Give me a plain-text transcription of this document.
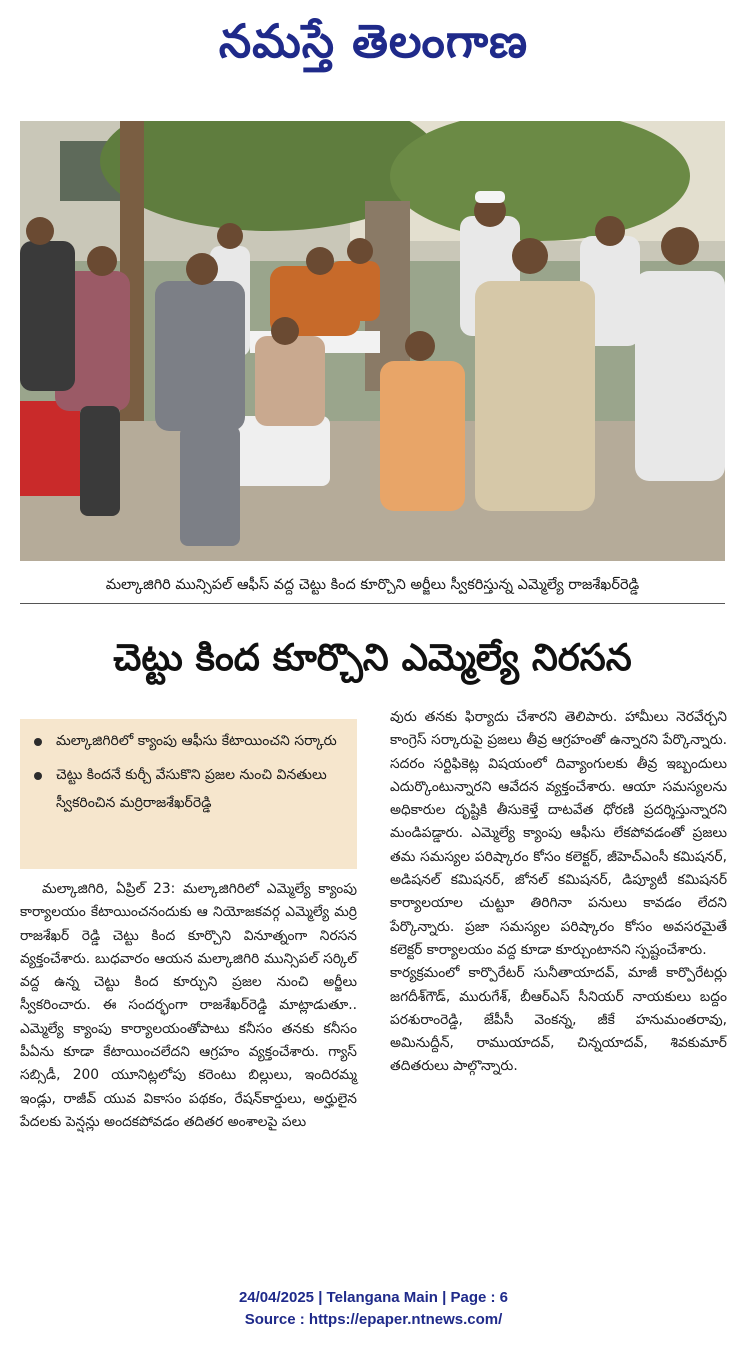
నమస్తే తెలంగాణ
మల్కాజిగిరి మున్సిపల్ ఆఫీస్ వద్ద చెట్టు కింద కూర్చొని అర్జీలు స్వీకరిస్తున్న ఎమ్మెల్యే రాజశేఖర్‌రెడ్డి
చెట్టు కింద కూర్చొని ఎమ్మెల్యే నిరసన
మల్కాజిగిరిలో క్యాంపు ఆఫీసు కేటాయించని సర్కారు
చెట్టు కిందనే కుర్చీ వేసుకొని ప్రజల నుంచి వినతులు స్వీకరించిన మర్రిరాజశేఖర్‌రెడ్డి

మల్కాజిగిరి, ఏప్రిల్ 23: మల్కాజిగిరిలో ఎమ్మెల్యే క్యాంపు కార్యాలయం కేటాయించనందుకు ఆ నియోజకవర్గ ఎమ్మెల్యే మర్రి రాజశేఖర్ రెడ్డి చెట్టు కింద కూర్చొని వినూత్నంగా నిరసన వ్యక్తంచేశారు. బుధవారం ఆయన మల్కాజిగిరి మున్సిపల్ సర్కిల్ వద్ద ఉన్న చెట్టు కింద కూర్చుని ప్రజల నుంచి అర్జీలు స్వీకరించారు. ఈ సందర్భంగా రాజశేఖర్‌రెడ్డి మాట్లాడుతూ.. ఎమ్మెల్యే క్యాంపు కార్యాలయంతోపాటు కనీసం తనకు కనీసం పీఏను కూడా కేటాయించలేదని ఆగ్రహం వ్యక్తంచేశారు. గ్యాస్ సబ్సిడీ, 200 యూనిట్లలోపు కరెంటు బిల్లులు, ఇందిరమ్మ ఇండ్లు, రాజీవ్ యువ వికాసం పథకం, రేషన్‌కార్డులు, అర్హులైన పేదలకు పెన్షన్లు అందకపోవడం తదితర అంశాలపై పలు

వురు తనకు ఫిర్యాదు చేశారని తెలిపారు. హామీలు నెరవేర్చని కాంగ్రెస్ సర్కారుపై ప్రజలు తీవ్ర ఆగ్రహంతో ఉన్నారని పేర్కొన్నారు. సదరం సర్టిఫికెట్ల విషయంలో దివ్యాంగులకు తీవ్ర ఇబ్బందులు ఎదుర్కొంటున్నారని ఆవేదన వ్యక్తంచేశారు. ఆయా సమస్యలను అధికారుల దృష్టికి తీసుకెళ్తే దాటవేత ధోరణి ప్రదర్శిస్తున్నారని మండిపడ్డారు. ఎమ్మెల్యే క్యాంపు ఆఫీసు లేకపోవడంతో ప్రజలు తమ సమస్యల పరిష్కారం కోసం కలెక్టర్, జీహెచ్‌ఎంసీ కమిషనర్, అడిషనల్ కమిషనర్, జోనల్ కమిషనర్, డిప్యూటీ కమిషనర్ కార్యాలయాల చుట్టూ తిరిగినా పనులు కావడం లేదని పేర్కొన్నారు. ప్రజా సమస్యల పరిష్కారం కోసం అవసరమైతే కలెక్టర్ కార్యాలయం వద్ద కూడా కూర్చుంటానని స్పష్టంచేశారు.

కార్యక్రమంలో కార్పొరేటర్ సునీతాయాదవ్, మాజీ కార్పొరేటర్లు జగదీశ్‌గౌడ్, మురుగేశ్, బీఆర్‌ఎస్ సీనియర్ నాయకులు బద్దం పరశురాంరెడ్డి, జేపీసీ వెంకన్న, జీకే హనుమంతరావు, అమినుద్దీన్, రాముయాదవ్, చిన్నయాదవ్, శివకుమార్ తదితరులు పాల్గొన్నారు.

24/04/2025 | Telangana Main | Page : 6
Source : https://epaper.ntnews.com/
